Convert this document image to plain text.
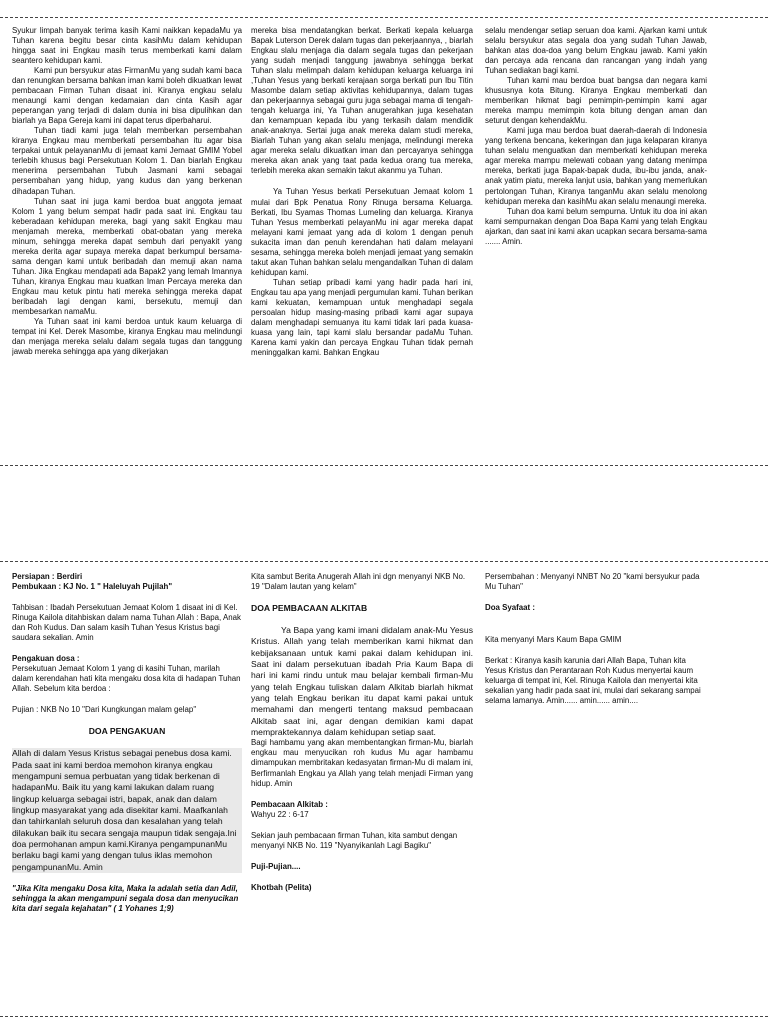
Syukur limpah banyak terima kasih Kami naikkan kepadaMu ya Tuhan karena begitu besar cinta kasihMu dalam kehidupan hingga saat ini Engkau masih terus memberkati kami dalam seantero kehidupan kami.

Kami pun bersyukur atas FirmanMu yang sudah kami baca dan renungkan bersama bahkan iman kami boleh dikuatkan lewat pembacaan Firman Tuhan disaat ini. Kiranya engkau selalu menaungi kami dengan kedamaian dan cinta Kasih agar peperangan yang terjadi di dalam dunia ini bisa dipulihkan dan biarlah ya Bapa Gereja kami ini dapat terus diperbaharui.

Tuhan tiadi kami juga telah memberkan persembahan kiranya Engkau mau memberkati persembahan itu agar bisa terpakai untuk pelayananMu di jemaat kami Jemaat GMIM Yobel terlebih khusus bagi Persekutuan Kolom 1. Dan biarlah Engkau menerima persembahan Tubuh Jasmani kami sebagai persembahan yang hidup, yang kudus dan yang berkenan dihadapan Tuhan.

Tuhan saat ini juga kami berdoa buat anggota jemaat Kolom 1 yang belum sempat hadir pada saat ini. Engkau tau keberadaan kehidupan mereka, bagi yang sakit Engkau mau menjamah mereka, memberkati obat-obatan yang mereka minum, sehingga mereka dapat sembuh dari penyakit yang mereka derita agar supaya mereka dapat berkumpul bersama-sama dengan kami untuk beribadah dan memuji akan nama Tuhan. Jika Engkau mendapati ada Bapak2 yang lemah Imannya Tuhan, kiranya Engkau mau kuatkan Iman Percaya mereka dan Engkau mau ketuk pintu hati mereka sehingga mereka dapat beribadah lagi dengan kami, bersekutu, memuji dan membesarkan namaMu.

Ya Tuhan saat ini kami berdoa untuk kaum keluarga di tempat ini Kel. Derek Masombe, kiranya Engkau mau melindungi dan menjaga mereka selalu dalam segala tugas dan tanggung jawab mereka sehingga apa yang dikerjakan

mereka bisa mendatangkan berkat. Berkati kepala keluarga Bapak Luterson Derek dalam tugas dan pekerjaannya, , biarlah Engkau slalu menjaga dia dalam segala tugas dan pekerjaan yang sudah menjadi tanggung jawabnya sehingga berkat Tuhan slalu melimpah dalam kehidupan keluarga keluarga ini ,Tuhan Yesus yang berkati kerajaan sorga berkati pun Ibu Titin Masombe dalam setiap aktivitas kehidupannya, dalam tugas dan pekerjaannya sebagai guru juga sebagai mama di tengah-tengah keluarga ini, Ya Tuhan anugerahkan juga kesehatan dan kemampuan kepada ibu yang terkasih dalam mendidik anak-anaknya. Sertai juga anak mereka dalam studi mereka, Biarlah Tuhan yang akan selalu menjaga, melindungi mereka agar mereka selalu dikuatkan iman dan percayanya sehingga mereka akan anak yang taat pada kedua orang tua mereka, terlebih mereka akan semakin takut akanmu ya Tuhan.

Ya Tuhan Yesus berkati Persekutuan Jemaat kolom 1 mulai dari Bpk Penatua Rony Rinuga bersama Keluarga. Berkati, Ibu Syamas Thomas Lumeling dan keluarga. Kiranya Tuhan Yesus memberkati pelayanMu ini agar mereka dapat melayani kami jemaat yang ada di kolom 1 dengan penuh sukacita iman dan penuh kerendahan hati dalam melayani sesama, sehingga mereka boleh menjadi jemaat yang semakin takut akan Tuhan bahkan selalu mengandalkan Tuhan di dalam kehidupan kami.

Tuhan setiap pribadi kami yang hadir pada hari ini, Engkau tau apa yang menjadi pergumulan kami. Tuhan berikan kami kekuatan, kemampuan untuk menghadapi segala persoalan hidup masing-masing pribadi kami agar supaya dalam menghadapi semuanya itu kami tidak lari pada kuasa-kuasa yang lain, tapi kami slalu bersandar padaMu Tuhan. Karena kami yakin dan percaya Engkau Tuhan tidak pernah meninggalkan kami. Bahkan Engkau

selalu mendengar setiap seruan doa kami. Ajarkan kami untuk selalu bersyukur atas segala doa yang sudah Tuhan Jawab, bahkan atas doa-doa yang belum Engkau jawab. Kami yakin dan percaya ada rencana dan rancangan yang indah yang Tuhan sediakan bagi kami.

Tuhan kami mau berdoa buat bangsa dan negara kami khususnya kota Bitung. Kiranya Engkau memberkati dan memberikan hikmat bagi pemimpin-pemimpin kami agar mereka mampu memimpin kota bitung dengan aman dan seturut dengan kehendakMu.

Kami juga mau berdoa buat daerah-daerah di Indonesia yang terkena bencana, kekeringan dan juga kelaparan kiranya tuhan selalu menguatkan dan memberkati kehidupan mereka agar mereka mampu melewati cobaan yang datang menimpa mereka, berkati juga Bapak-bapak duda, ibu-ibu janda, anak-anak yatim piatu, mereka lanjut usia, bahkan yang memerlukan pertolongan Tuhan, Kiranya tanganMu akan selalu menolong kehidupan mereka dan kasihMu akan selalu menaungi mereka.

Tuhan doa kami belum sempurna. Untuk itu doa ini akan kami sempurnakan dengan Doa Bapa Kami yang telah Engkau ajarkan, dan saat ini kami akan ucapkan secara bersama-sama ....... Amin.

Persiapan : Berdiri

Pembukaan : KJ No. 1 " Haleluyah Pujilah"

Tahbisan : Ibadah Persekutuan Jemaat Kolom 1 disaat ini di Kel. Rinuga Kailola ditahbiskan dalam nama Tuhan Allah : Bapa, Anak dan Roh Kudus. Dan salam kasih Tuhan Yesus Kristus bagi saudara sekalian. Amin

Pengakuan dosa :

Persekutuan Jemaat Kolom 1 yang di kasihi Tuhan, marilah dalam kerendahan hati kita mengaku dosa kita di hadapan Tuhan Allah. Sebelum kita berdoa :

Pujian : NKB No 10 "Dari Kungkungan malam gelap"

DOA PENGAKUAN

Allah di dalam Yesus Kristus sebagai penebus dosa kami. Pada saat ini kami berdoa memohon kiranya engkau mengampuni semua perbuatan yang tidak berkenan di hadapanMu. Baik itu yang kami lakukan dalam ruang lingkup keluarga sebagai istri, bapak, anak dan dalam lingkup masyarakat yang ada disekitar kami. Maafkanlah dan tahirkanlah seluruh dosa dan kesalahan yang telah dilakukan baik itu secara sengaja maupun tidak sengaja.Ini doa permohanan ampun kami.Kiranya pengampunanMu berlaku bagi kami yang dengan tulus iklas memohon pengampunanMu. Amin

"Jika Kita mengaku Dosa kita, Maka Ia adalah setia dan Adil, sehingga Ia akan mengampuni segala dosa dan menyucikan kita dari segala kejahatan" ( 1 Yohanes 1;9)

Kita sambut Berita Anugerah Allah ini dgn menyanyi NKB No. 19 "Dalam lautan yang kelam"

DOA PEMBACAAN ALKITAB

Ya Bapa yang kami imani didalam anak-Mu Yesus Kristus. Allah yang telah memberikan kami hikmat dan kebijaksanaan untuk kami pakai dalam kehidupan ini. Saat ini dalam persekutuan ibadah Pria Kaum Bapa di hari ini kami rindu untuk mau belajar kembali firman-Mu yang telah Engkau tuliskan dalam Alkitab biarlah hikmat yang telah Engkau berikan itu dapat kami pakai untuk memahami dan mengerti tentang maksud pembacaan Alkitab saat ini, agar dengan demikian kami dapat mempraktekannya dalam kehidupan setiap saat.

Bagi hambamu yang akan membentangkan firman-Mu, biarlah engkau mau menyucikan roh kudus Mu agar hambamu dimampukan membritakan kedasyatan firman-Mu di malam ini, Berfirmanlah Engkau ya Allah yang telah menjadi Firman yang hidup. Amin

Pembacaan Alkitab :

Wahyu 22 : 6-17

Sekian jauh pembacaan firman Tuhan, kita sambut dengan menyanyi NKB No. 119 "Nyanyikanlah Lagi Bagiku"

Puji-Pujian....

Khotbah (Pelita)

Persembahan : Menyanyi NNBT No 20 "kami bersyukur pada Mu Tuhan"

Doa Syafaat :

Kita menyanyi Mars Kaum Bapa GMIM

Berkat : Kiranya kasih karunia dari Allah Bapa, Tuhan kita Yesus Kristus dan Perantaraan Roh Kudus menyertai kaum keluarga di tempat ini, Kel. Rinuga Kailola dan menyertai kita sekalian yang hadir pada saat ini, mulai dari sekarang sampai selama lamanya. Amin...... amin...... amin....
